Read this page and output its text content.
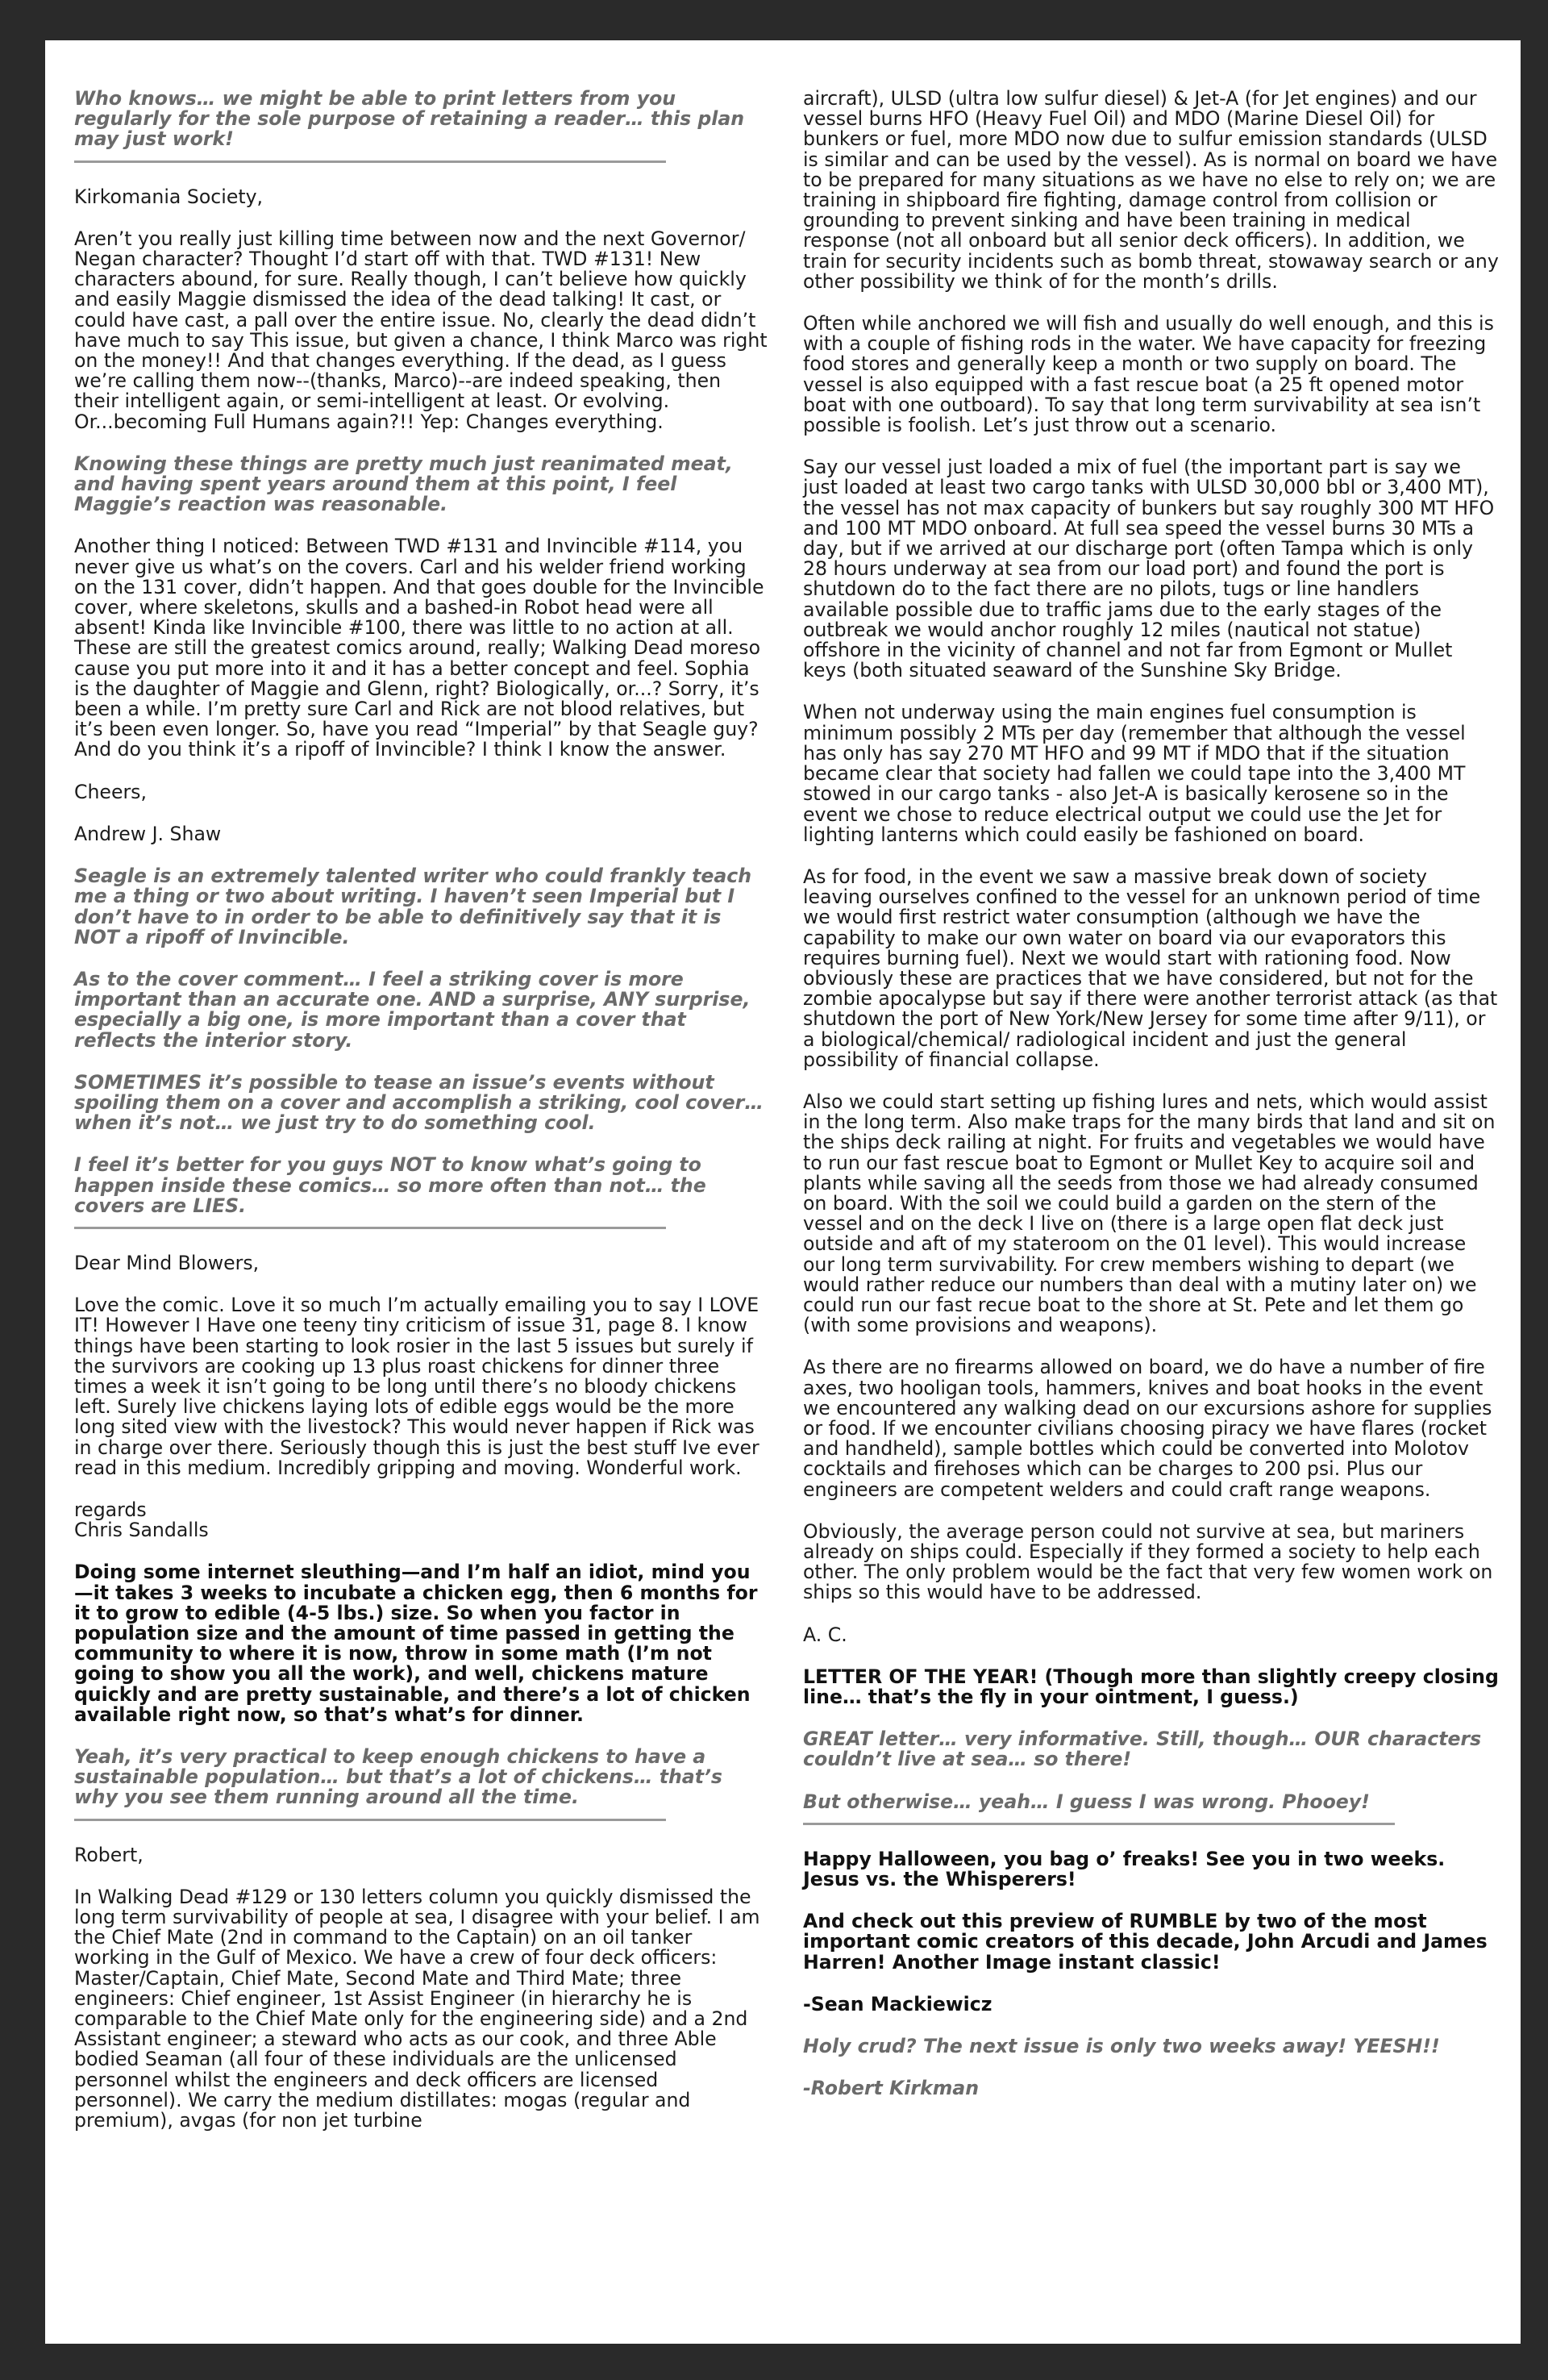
Who knows… we might be able to print letters from you regularly for the sole purpose of retaining a reader… this plan may just work!

Kirkomania Society,

Aren’t you really just killing time between now and the next Governor/ Negan character? Thought I’d start off with that. TWD #131! New characters abound, for sure. Really though, I can’t believe how quickly and easily Maggie dismissed the idea of the dead talking! It cast, or could have cast, a pall over the entire issue. No, clearly the dead didn’t have much to say This issue, but given a chance, I think Marco was right on the money!! And that changes everything. If the dead, as I guess we’re calling them now--(thanks, Marco)--are indeed speaking, then their intelligent again, or semi-intelligent at least. Or evolving. Or...becoming Full Humans again?!! Yep: Changes everything.

Knowing these things are pretty much just reanimated meat, and having spent years around them at this point, I feel Maggie’s reaction was reasonable.

Another thing I noticed: Between TWD #131 and Invincible #114, you never give us what’s on the covers. Carl and his welder friend working on the 131 cover, didn’t happen. And that goes double for the Invincible cover, where skeletons, skulls and a bashed-in Robot head were all absent! Kinda like Invincible #100, there was little to no action at all. These are still the greatest comics around, really; Walking Dead moreso cause you put more into it and it has a better concept and feel. Sophia is the daughter of Maggie and Glenn, right? Biologically, or...? Sorry, it’s been a while. I’m pretty sure Carl and Rick are not blood relatives, but it’s been even longer. So, have you read “Imperial” by that Seagle guy? And do you think it’s a ripoff of Invincible? I think I know the answer.

Cheers,

Andrew J. Shaw

Seagle is an extremely talented writer who could frankly teach me a thing or two about writing. I haven’t seen Imperial but I don’t have to in order to be able to definitively say that it is NOT a ripoff of Invincible.

As to the cover comment… I feel a striking cover is more important than an accurate one. AND a surprise, ANY surprise, especially a big one, is more important than a cover that reflects the interior story.

SOMETIMES it’s possible to tease an issue’s events without spoiling them on a cover and accomplish a striking, cool cover… when it’s not… we just try to do something cool.

I feel it’s better for you guys NOT to know what’s going to happen inside these comics… so more often than not… the covers are LIES.

Dear Mind Blowers,

Love the comic. Love it so much I’m actually emailing you to say I LOVE IT! However I Have one teeny tiny criticism of issue 31, page 8. I know things have been starting to look rosier in the last 5 issues but surely if the survivors are cooking up 13 plus roast chickens for dinner three times a week it isn’t going to be long until there’s no bloody chickens left. Surely live chickens laying lots of edible eggs would be the more long sited view with the livestock? This would never happen if Rick was in charge over there. Seriously though this is just the best stuff Ive ever read in this medium. Incredibly gripping and moving. Wonderful work.

regards
Chris Sandalls

Doing some internet sleuthing—and I’m half an idiot, mind you—it takes 3 weeks to incubate a chicken egg, then 6 months for it to grow to edible (4-5 lbs.) size. So when you factor in population size and the amount of time passed in getting the community to where it is now, throw in some math (I’m not going to show you all the work), and well, chickens mature quickly and are pretty sustainable, and there’s a lot of chicken available right now, so that’s what’s for dinner.

Yeah, it’s very practical to keep enough chickens to have a sustainable population… but that’s a lot of chickens… that’s why you see them running around all the time.

Robert,

In Walking Dead #129 or 130 letters column you quickly dismissed the long term survivability of people at sea, I disagree with your belief. I am the Chief Mate (2nd in command to the Captain) on an oil tanker working in the Gulf of Mexico. We have a crew of four deck officers: Master/Captain, Chief Mate, Second Mate and Third Mate; three engineers: Chief engineer, 1st Assist Engineer (in hierarchy he is comparable to the Chief Mate only for the engineering side) and a 2nd Assistant engineer; a steward who acts as our cook, and three Able bodied Seaman (all four of these individuals are the unlicensed personnel whilst the engineers and deck officers are licensed personnel). We carry the medium distillates: mogas (regular and premium), avgas (for non jet turbine

aircraft), ULSD (ultra low sulfur diesel) & Jet-A (for Jet engines) and our vessel burns HFO (Heavy Fuel Oil) and MDO (Marine Diesel Oil) for bunkers or fuel, more MDO now due to sulfur emission standards (ULSD is similar and can be used by the vessel). As is normal on board we have to be prepared for many situations as we have no else to rely on; we are training in shipboard fire fighting, damage control from collision or grounding to prevent sinking and have been training in medical response (not all onboard but all senior deck officers). In addition, we train for security incidents such as bomb threat, stowaway search or any other possibility we think of for the month’s drills.

Often while anchored we will fish and usually do well enough, and this is with a couple of fishing rods in the water. We have capacity for freezing food stores and generally keep a month or two supply on board. The vessel is also equipped with a fast rescue boat (a 25 ft opened motor boat with one outboard). To say that long term survivability at sea isn’t possible is foolish. Let’s just throw out a scenario.

Say our vessel just loaded a mix of fuel (the important part is say we just loaded at least two cargo tanks with ULSD 30,000 bbl or 3,400 MT), the vessel has not max capacity of bunkers but say roughly 300 MT HFO and 100 MT MDO onboard. At full sea speed the vessel burns 30 MTs a day, but if we arrived at our discharge port (often Tampa which is only 28 hours underway at sea from our load port) and found the port is shutdown do to the fact there are no pilots, tugs or line handlers available possible due to traffic jams due to the early stages of the outbreak we would anchor roughly 12 miles (nautical not statue) offshore in the vicinity of channel and not far from Egmont or Mullet keys (both situated seaward of the Sunshine Sky Bridge.

When not underway using the main engines fuel consumption is minimum possibly 2 MTs per day (remember that although the vessel has only has say 270 MT HFO and 99 MT if MDO that if the situation became clear that society had fallen we could tape into the 3,400 MT stowed in our cargo tanks - also Jet-A is basically kerosene so in the event we chose to reduce electrical output we could use the Jet for lighting lanterns which could easily be fashioned on board.

As for food, in the event we saw a massive break down of society leaving ourselves confined to the vessel for an unknown period of time we would first restrict water consumption (although we have the capability to make our own water on board via our evaporators this requires burning fuel). Next we would start with rationing food. Now obviously these are practices that we have considered, but not for the zombie apocalypse but say if there were another terrorist attack (as that shutdown the port of New York/New Jersey for some time after 9/11), or a biological/chemical/ radiological incident and just the general possibility of financial collapse.

Also we could start setting up fishing lures and nets, which would assist in the long term. Also make traps for the many birds that land and sit on the ships deck railing at night. For fruits and vegetables we would have to run our fast rescue boat to Egmont or Mullet Key to acquire soil and plants while saving all the seeds from those we had already consumed on board. With the soil we could build a garden on the stern of the vessel and on the deck I live on (there is a large open flat deck just outside and aft of my stateroom on the 01 level). This would increase our long term survivability. For crew members wishing to depart (we would rather reduce our numbers than deal with a mutiny later on) we could run our fast recue boat to the shore at St. Pete and let them go (with some provisions and weapons).

As there are no firearms allowed on board, we do have a number of fire axes, two hooligan tools, hammers, knives and boat hooks in the event we encountered any walking dead on our excursions ashore for supplies or food. If we encounter civilians choosing piracy we have flares (rocket and handheld), sample bottles which could be converted into Molotov cocktails and firehoses which can be charges to 200 psi. Plus our engineers are competent welders and could craft range weapons.

Obviously, the average person could not survive at sea, but mariners already on ships could. Especially if they formed a society to help each other. The only problem would be the fact that very few women work on ships so this would have to be addressed.

A. C.

LETTER OF THE YEAR! (Though more than slightly creepy closing line… that’s the fly in your ointment, I guess.)

GREAT letter… very informative. Still, though… OUR characters couldn’t live at sea… so there!

But otherwise… yeah… I guess I was wrong. Phooey!

Happy Halloween, you bag o’ freaks! See you in two weeks. Jesus vs. the Whisperers!

And check out this preview of RUMBLE by two of the most important comic creators of this decade, John Arcudi and James Harren! Another Image instant classic!

-Sean Mackiewicz

Holy crud? The next issue is only two weeks away! YEESH!!

-Robert Kirkman
